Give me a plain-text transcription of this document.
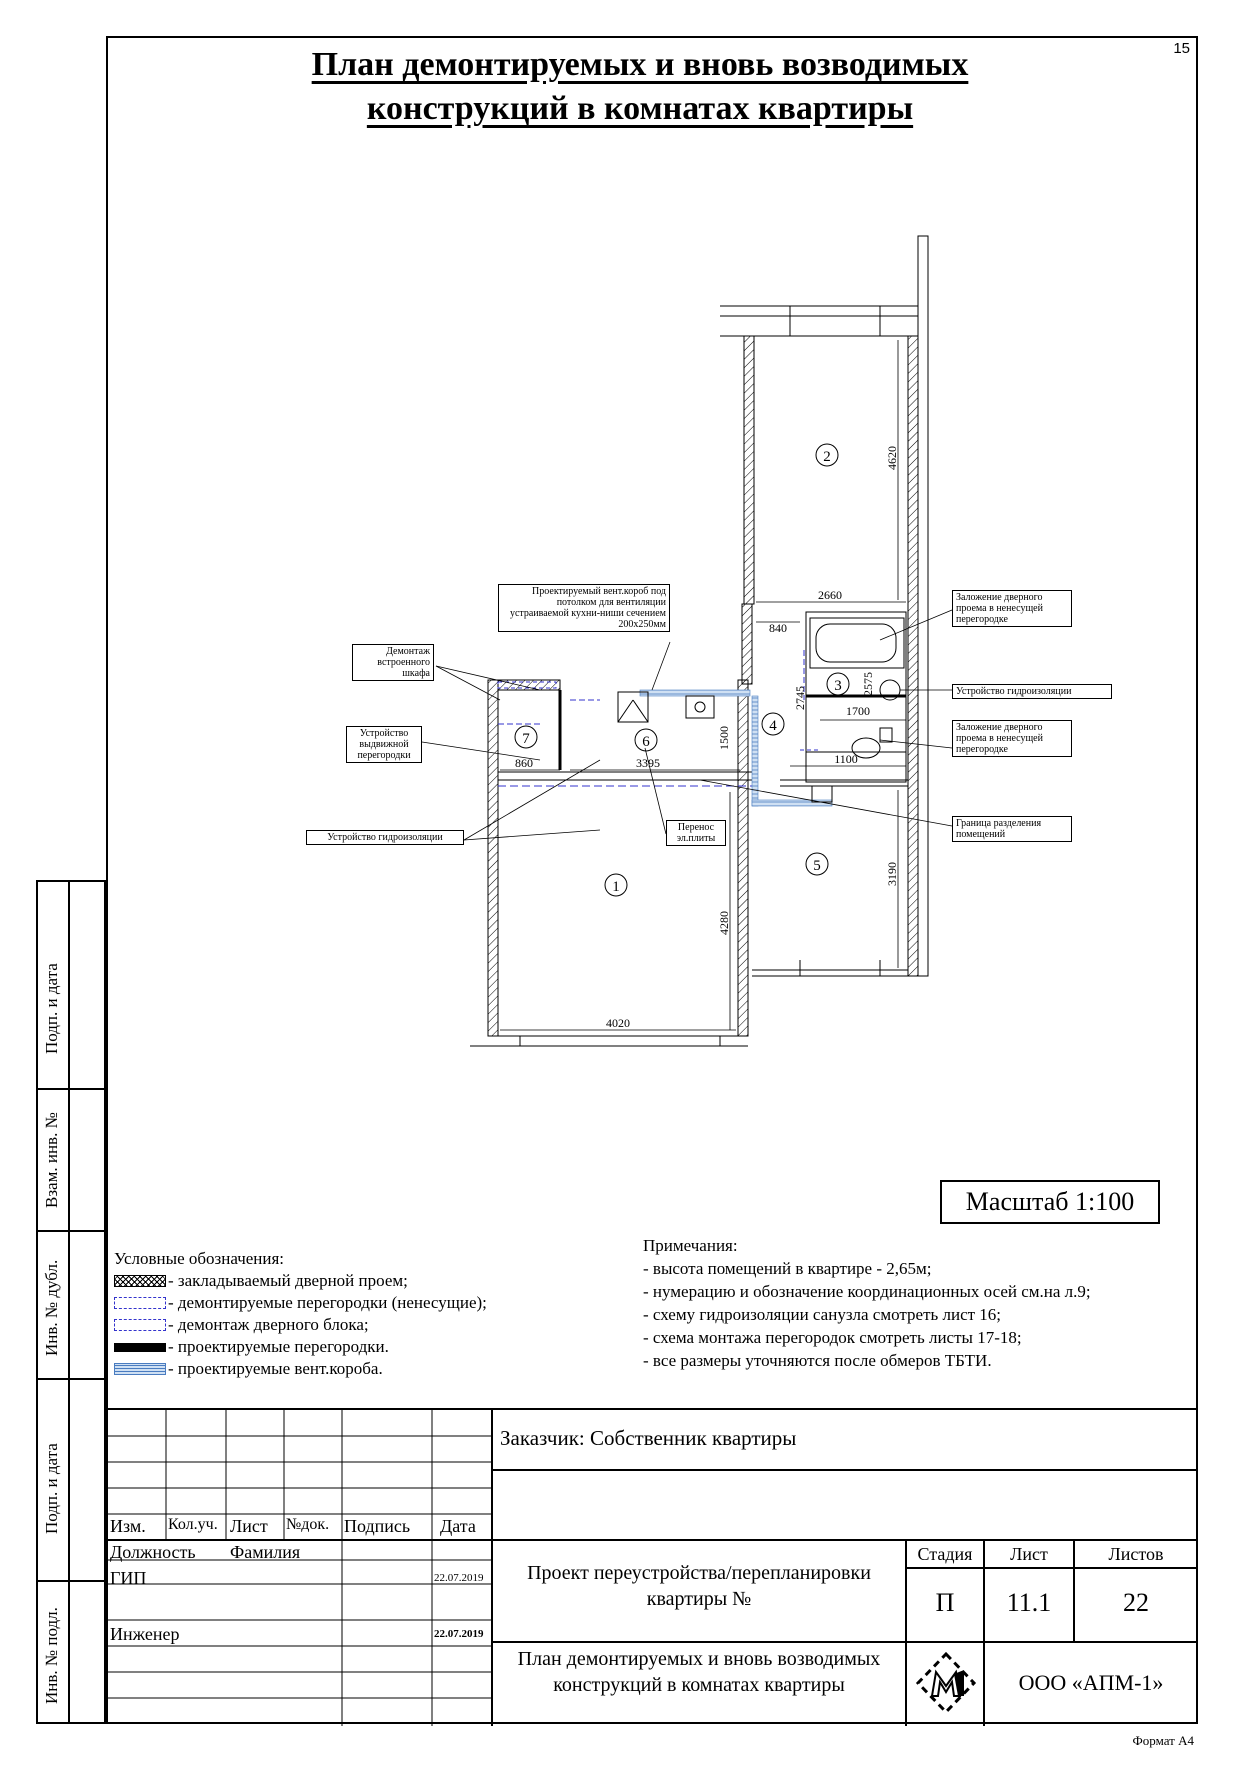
15
План демонтируемых и вновь возводимых
конструкций в комнатах квартиры
Подп. и дата
Взам. инв. №
Инв. № дубл.
Подп. и дата
Инв. № подл.
1
2
3
4
5
6
7
4620
2660
840
2745
2575
1700
1500
1100
860	3395
4280
3190
4020
Проектируемый вент.короб под потолком для вентиляции устраиваемой кухни-ниши сечением 200х250мм
Демонтаж встроенного шкафа
Устройство выдвижной перегородки
Устройство гидроизоляции
Перенос эл.плиты
Заложение дверного проема в ненесущей перегородке
Устройство гидроизоляции
Заложение дверного проема в ненесущей перегородке
Граница разделения помещений
Масштаб 1:100
Условные обозначения:
- закладываемый дверной проем;
- демонтируемые перегородки (ненесущие);
- демонтаж дверного блока;
- проектируемые перегородки.
- проектируемые вент.короба.
Примечания:
- высота помещений в квартире - 2,65м;
- нумерацию и обозначение координационных осей см.на л.9;
- схему гидроизоляции санузла смотреть лист 16;
- схема монтажа перегородок смотреть листы 17-18;
- все размеры уточняются после обмеров ТБТИ.
Изм. Кол.уч. Лист №док. Подпись Дата
Должность Фамилия
ГИП	22.07.2019
Инженер	22.07.2019
Заказчик: Собственник квартиры
Проект переустройства/перепланировки квартиры №
План демонтируемых и вновь возводимых конструкций в комнатах квартиры
Стадия	Лист	Листов
П	11.1	22
ООО «АПМ-1»
Формат А4
